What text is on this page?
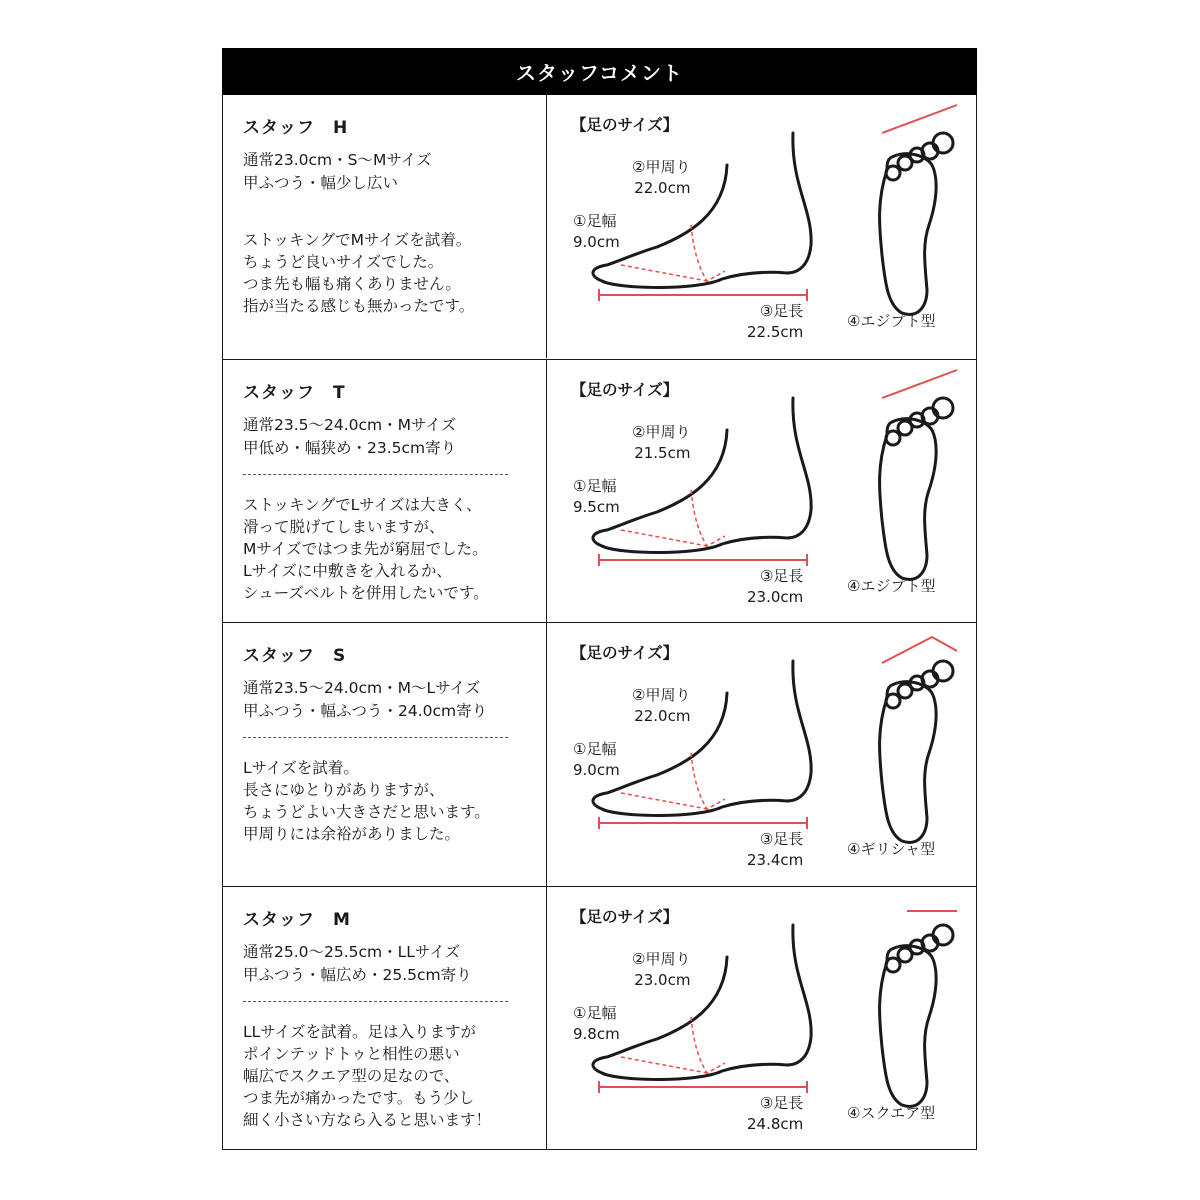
スタッフコメント
スタッフ　H
通常23.0cm・S〜Mサイズ
甲ふつう・幅少し広い
ストッキングでMサイズを試着。
ちょうど良いサイズでした。
つま先も幅も痛くありません。
指が当たる感じも無かったです。
【足のサイズ】
②甲周り
22.0cm
①足幅
9.0cm
③足長
22.5cm
④エジプト型
スタッフ　T
通常23.5〜24.0cm・Mサイズ
甲低め・幅狭め・23.5cm寄り
ストッキングでLサイズは大きく、
滑って脱げてしまいますが、
Mサイズではつま先が窮屈でした。
Lサイズに中敷きを入れるか、
シューズベルトを併用したいです。
【足のサイズ】
②甲周り
21.5cm
①足幅
9.5cm
③足長
23.0cm
④エジプト型
スタッフ　S
通常23.5〜24.0cm・M〜Lサイズ
甲ふつう・幅ふつう・24.0cm寄り
Lサイズを試着。
長さにゆとりがありますが、
ちょうどよい大きさだと思います。
甲周りには余裕がありました。
【足のサイズ】
②甲周り
22.0cm
①足幅
9.0cm
③足長
23.4cm
④ギリシャ型
スタッフ　M
通常25.0〜25.5cm・LLサイズ
甲ふつう・幅広め・25.5cm寄り
LLサイズを試着。足は入りますが
ポインテッドトゥと相性の悪い
幅広でスクエア型の足なので、
つま先が痛かったです。もう少し
細く小さい方なら入ると思います！
【足のサイズ】
②甲周り
23.0cm
①足幅
9.8cm
③足長
24.8cm
④スクエア型
